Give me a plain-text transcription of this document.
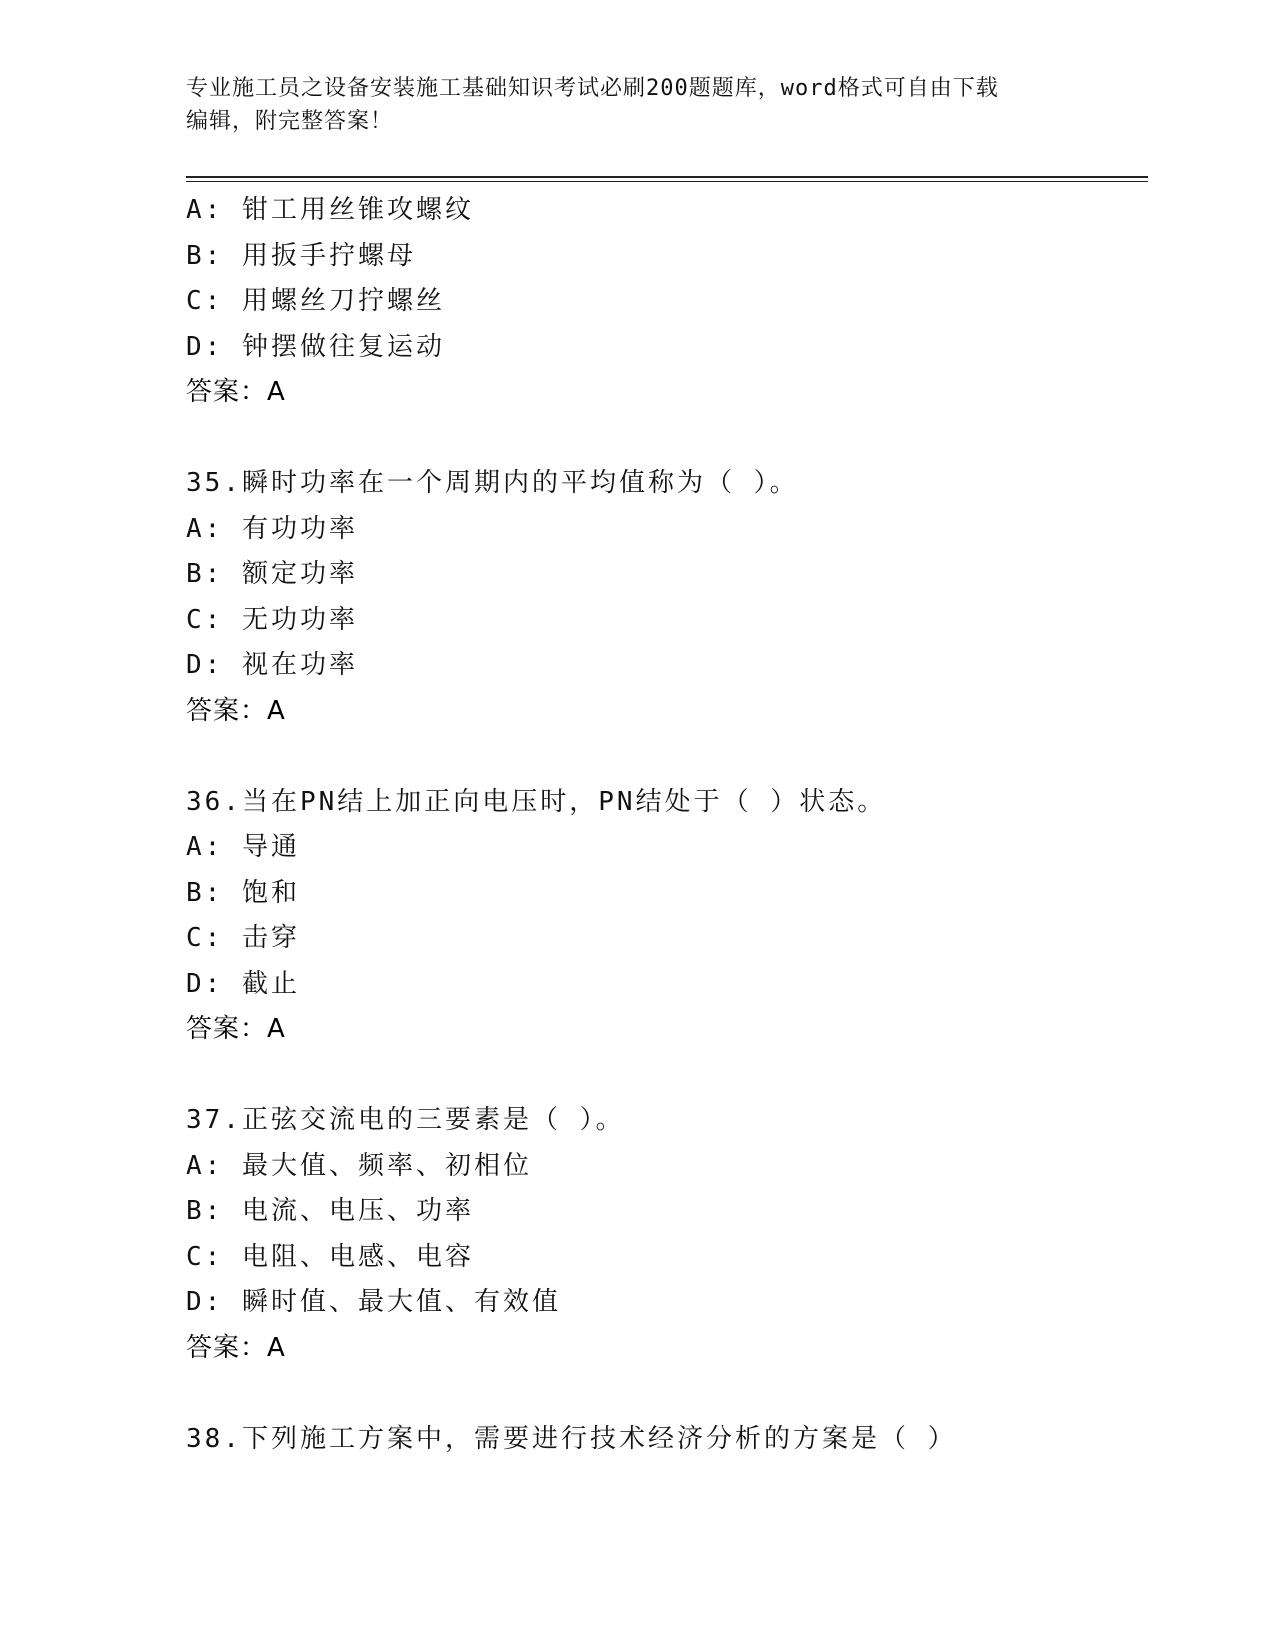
专业施工员之设备安装施工基础知识考试必刷200题题库，word格式可自由下载
编辑，附完整答案！
A: 钳工用丝锥攻螺纹
B: 用扳手拧螺母
C: 用螺丝刀拧螺丝
D: 钟摆做往复运动
答案：A
35.瞬时功率在一个周期内的平均值称为（ ）。
A: 有功功率
B: 额定功率
C: 无功功率
D: 视在功率
答案：A
36.当在PN结上加正向电压时，PN结处于（ ）状态。
A: 导通
B: 饱和
C: 击穿
D: 截止
答案：A
37.正弦交流电的三要素是（ ）。
A: 最大值、频率、初相位
B: 电流、电压、功率
C: 电阻、电感、电容
D: 瞬时值、最大值、有效值
答案：A
38.下列施工方案中，需要进行技术经济分析的方案是（ ）
